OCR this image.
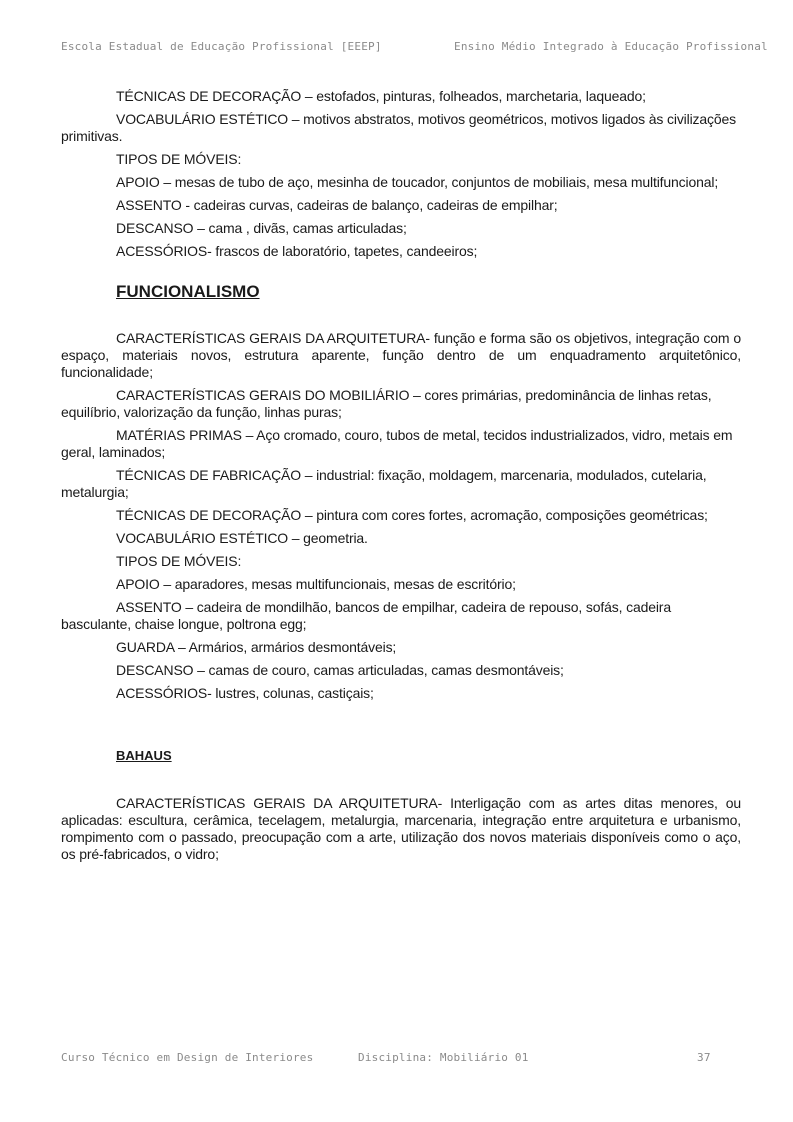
Escola Estadual de Educação Profissional [EEEP]	Ensino Médio Integrado à Educação Profissional

TÉCNICAS DE DECORAÇÃO – estofados, pinturas, folheados, marchetaria, laqueado;

VOCABULÁRIO ESTÉTICO – motivos abstratos, motivos geométricos, motivos ligados às civilizações primitivas.

TIPOS DE MÓVEIS:

APOIO – mesas de tubo de aço, mesinha de toucador, conjuntos de mobiliais, mesa multifuncional;

ASSENTO - cadeiras curvas, cadeiras de balanço, cadeiras de empilhar;

DESCANSO – cama , divãs, camas articuladas;

ACESSÓRIOS- frascos de laboratório, tapetes, candeeiros;

FUNCIONALISMO

CARACTERÍSTICAS GERAIS DA ARQUITETURA- função e forma são os objetivos, integração com o espaço, materiais novos, estrutura aparente, função dentro de um enquadramento arquitetônico, funcionalidade;

CARACTERÍSTICAS GERAIS DO MOBILIÁRIO – cores primárias, predominância de linhas retas, equilíbrio, valorização da função, linhas puras;

MATÉRIAS PRIMAS – Aço cromado, couro, tubos de metal, tecidos industrializados, vidro, metais em geral, laminados;

TÉCNICAS DE FABRICAÇÃO – industrial: fixação, moldagem, marcenaria, modulados, cutelaria, metalurgia;

TÉCNICAS DE DECORAÇÃO – pintura com cores fortes, acromação, composições geométricas;

VOCABULÁRIO ESTÉTICO – geometria.

TIPOS DE MÓVEIS:

APOIO – aparadores, mesas multifuncionais, mesas de escritório;

ASSENTO – cadeira de mondilhão, bancos de empilhar, cadeira de repouso, sofás, cadeira basculante, chaise longue, poltrona egg;

GUARDA – Armários, armários desmontáveis;

DESCANSO – camas de couro, camas articuladas, camas desmontáveis;

ACESSÓRIOS- lustres, colunas, castiçais;

BAHAUS

CARACTERÍSTICAS GERAIS DA ARQUITETURA- Interligação com as artes ditas menores, ou aplicadas: escultura, cerâmica, tecelagem, metalurgia, marcenaria, integração entre arquitetura e urbanismo, rompimento com o passado, preocupação com a arte, utilização dos novos materiais disponíveis como o aço, os pré-fabricados, o vidro;

Curso Técnico em Design de Interiores	Disciplina: Mobiliário 01	37
